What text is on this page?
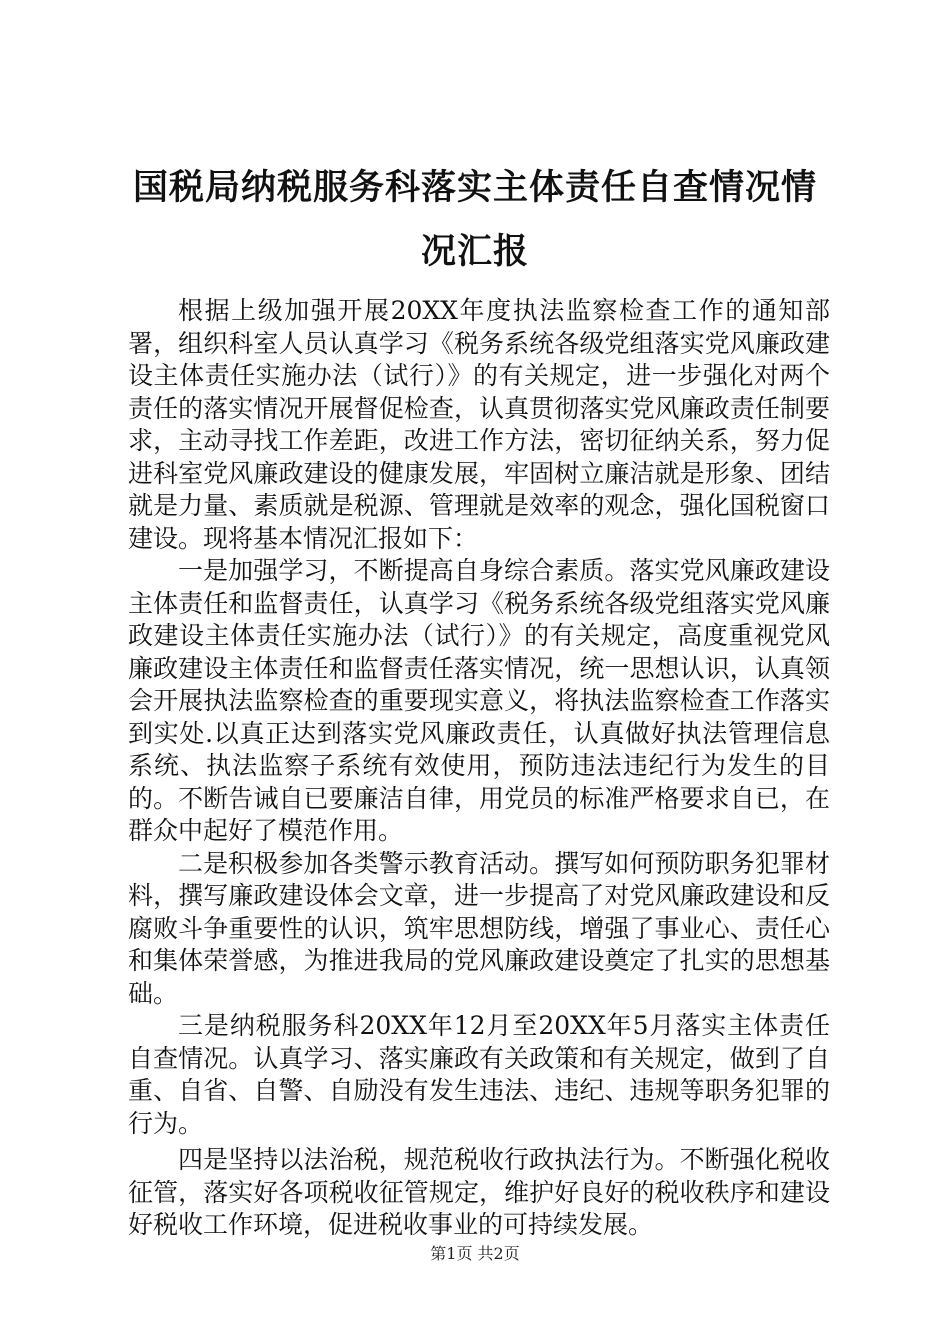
国税局纳税服务科落实主体责任自查情况情况汇报

根据上级加强开展20XX年度执法监察检查工作的通知部署，组织科室人员认真学习《税务系统各级党组落实党风廉政建设主体责任实施办法（试行）》的有关规定，进一步强化对两个责任的落实情况开展督促检查，认真贯彻落实党风廉政责任制要求，主动寻找工作差距，改进工作方法，密切征纳关系，努力促进科室党风廉政建设的健康发展，牢固树立廉洁就是形象、团结就是力量、素质就是税源、管理就是效率的观念，强化国税窗口建设。现将基本情况汇报如下：

一是加强学习，不断提高自身综合素质。落实党风廉政建设主体责任和监督责任，认真学习《税务系统各级党组落实党风廉政建设主体责任实施办法（试行）》的有关规定，高度重视党风廉政建设主体责任和监督责任落实情况，统一思想认识，认真领会开展执法监察检查的重要现实意义，将执法监察检查工作落实到实处.以真正达到落实党风廉政责任，认真做好执法管理信息系统、执法监察子系统有效使用，预防违法违纪行为发生的目的。不断告诫自已要廉洁自律，用党员的标准严格要求自已，在群众中起好了模范作用。

二是积极参加各类警示教育活动。撰写如何预防职务犯罪材料，撰写廉政建设体会文章，进一步提高了对党风廉政建设和反腐败斗争重要性的认识，筑牢思想防线，增强了事业心、责任心和集体荣誉感，为推进我局的党风廉政建设奠定了扎实的思想基础。

三是纳税服务科20XX年12月至20XX年5月落实主体责任自查情况。认真学习、落实廉政有关政策和有关规定，做到了自重、自省、自警、自励没有发生违法、违纪、违规等职务犯罪的行为。

四是坚持以法治税，规范税收行政执法行为。不断强化税收征管，落实好各项税收征管规定，维护好良好的税收秩序和建设好税收工作环境，促进税收事业的可持续发展。

第1页 共2页
